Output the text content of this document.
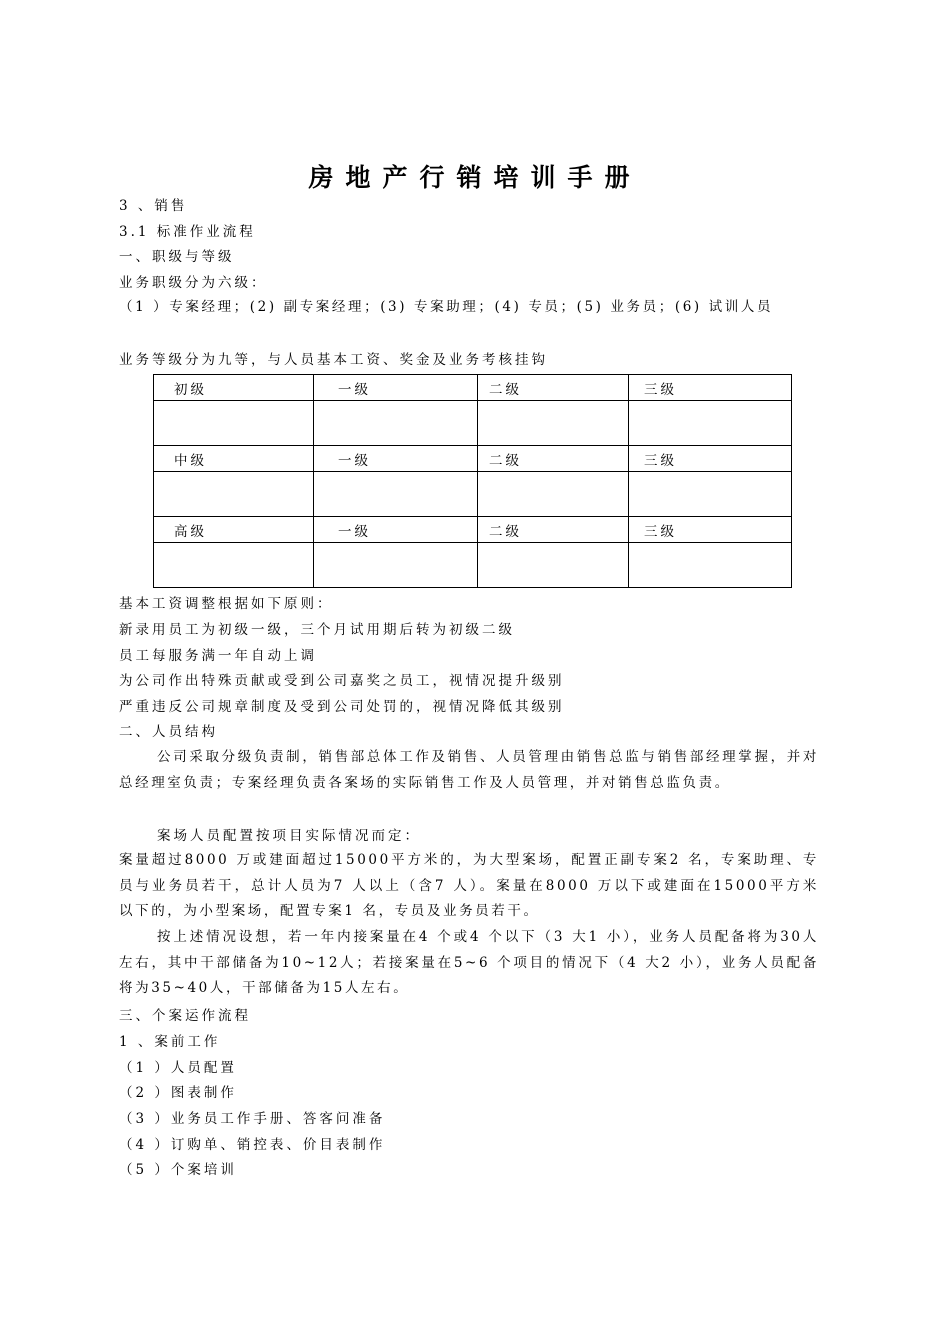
房地产行销培训手册
3 、销售
3.1 标准作业流程
一、职级与等级
业务职级分为六级：
（1 ）专案经理；(2) 副专案经理；(3) 专案助理；(4) 专员；(5) 业务员；(6) 试训人员
业务等级分为九等，与人员基本工资、奖金及业务考核挂钩
初级	一级	二级	三级

中级	一级	二级	三级

高级	一级	二级	三级

基本工资调整根据如下原则：
新录用员工为初级一级，三个月试用期后转为初级二级
员工每服务满一年自动上调
为公司作出特殊贡献或受到公司嘉奖之员工，视情况提升级别
严重违反公司规章制度及受到公司处罚的，视情况降低其级别
二、人员结构
公司采取分级负责制，销售部总体工作及销售、人员管理由销售总监与销售部经理掌握，并对总经理室负责；专案经理负责各案场的实际销售工作及人员管理，并对销售总监负责。
案场人员配置按项目实际情况而定：
案量超过8000 万或建面超过15000平方米的，为大型案场，配置正副专案2 名，专案助理、专员与业务员若干，总计人员为7 人以上（含7 人）。案量在8000 万以下或建面在15000平方米以下的，为小型案场，配置专案1 名，专员及业务员若干。
按上述情况设想，若一年内接案量在4 个或4 个以下（3 大1 小），业务人员配备将为30人左右，其中干部储备为10~12人；若接案量在5~6 个项目的情况下（4 大2 小），业务人员配备将为35~40人，干部储备为15人左右。
三、个案运作流程
1 、案前工作
（1 ）人员配置
（2 ）图表制作
（3 ）业务员工作手册、答客问准备
（4 ）订购单、销控表、价目表制作
（5 ）个案培训
